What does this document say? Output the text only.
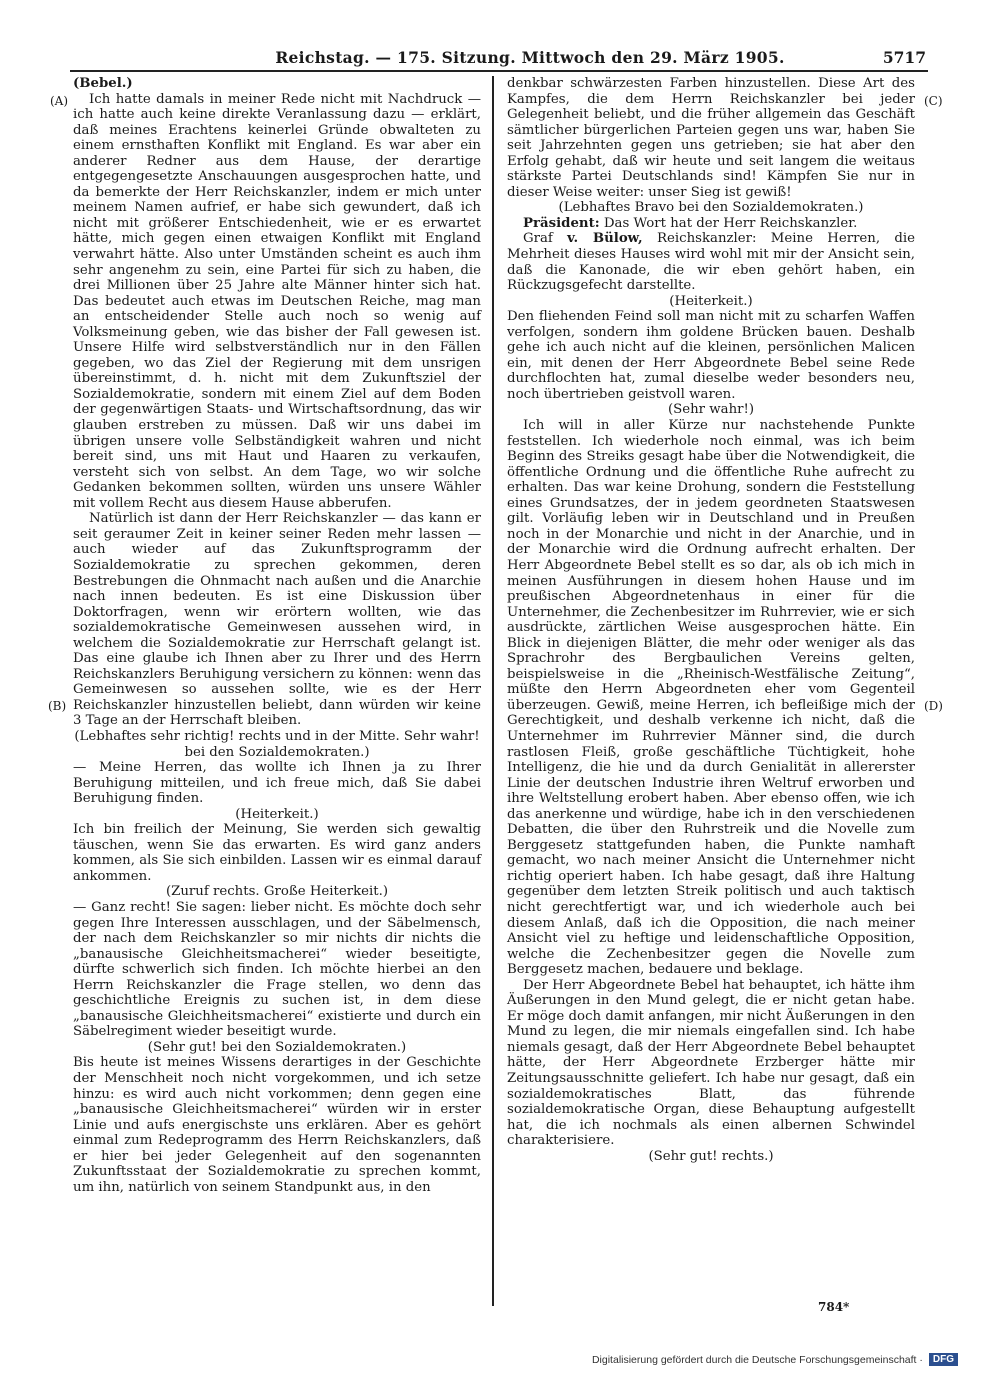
Reichstag. — 175. Sitzung. Mittwoch den 29. März 1905.	5717
(A)
(B)
(C)
(D)

(Bebel.)

Ich hatte damals in meiner Rede nicht mit Nachdruck — ich hatte auch keine direkte Veranlassung dazu — erklärt, daß meines Erachtens keinerlei Gründe obwalteten zu einem ernsthaften Konflikt mit England. Es war aber ein anderer Redner aus dem Hause, der derartige entgegengesetzte Anschauungen ausgesprochen hatte, und da bemerkte der Herr Reichskanzler, indem er mich unter meinem Namen aufrief, er habe sich gewundert, daß ich nicht mit größerer Entschiedenheit, wie er es erwartet hätte, mich gegen einen etwaigen Konflikt mit England verwahrt hätte. Also unter Umständen scheint es auch ihm sehr angenehm zu sein, eine Partei für sich zu haben, die drei Millionen über 25 Jahre alte Männer hinter sich hat. Das bedeutet auch etwas im Deutschen Reiche, mag man an entscheidender Stelle auch noch so wenig auf Volksmeinung geben, wie das bisher der Fall gewesen ist. Unsere Hilfe wird selbstverständlich nur in den Fällen gegeben, wo das Ziel der Regierung mit dem unsrigen übereinstimmt, d. h. nicht mit dem Zukunftsziel der Sozialdemokratie, sondern mit einem Ziel auf dem Boden der gegenwärtigen Staats- und Wirtschaftsordnung, das wir glauben erstreben zu müssen. Daß wir uns dabei im übrigen unsere volle Selbständigkeit wahren und nicht bereit sind, uns mit Haut und Haaren zu verkaufen, versteht sich von selbst. An dem Tage, wo wir solche Gedanken bekommen sollten, würden uns unsere Wähler mit vollem Recht aus diesem Hause abberufen.

Natürlich ist dann der Herr Reichskanzler — das kann er seit geraumer Zeit in keiner seiner Reden mehr lassen — auch wieder auf das Zukunftsprogramm der Sozialdemokratie zu sprechen gekommen, deren Bestrebungen die Ohnmacht nach außen und die Anarchie nach innen bedeuten. Es ist eine Diskussion über Doktorfragen, wenn wir erörtern wollten, wie das sozialdemokratische Gemeinwesen aussehen wird, in welchem die Sozialdemokratie zur Herrschaft gelangt ist. Das eine glaube ich Ihnen aber zu Ihrer und des Herrn Reichskanzlers Beruhigung versichern zu können: wenn das Gemeinwesen so aussehen sollte, wie es der Herr Reichskanzler hinzustellen beliebt, dann würden wir keine 3 Tage an der Herrschaft bleiben.

(Lebhaftes sehr richtig! rechts und in der Mitte. Sehr wahr! bei den Sozialdemokraten.)

— Meine Herren, das wollte ich Ihnen ja zu Ihrer Beruhigung mitteilen, und ich freue mich, daß Sie dabei Beruhigung finden.

(Heiterkeit.)

Ich bin freilich der Meinung, Sie werden sich gewaltig täuschen, wenn Sie das erwarten. Es wird ganz anders kommen, als Sie sich einbilden. Lassen wir es einmal darauf ankommen.

(Zuruf rechts. Große Heiterkeit.)

— Ganz recht! Sie sagen: lieber nicht. Es möchte doch sehr gegen Ihre Interessen ausschlagen, und der Säbelmensch, der nach dem Reichskanzler so mir nichts dir nichts die „banausische Gleichheitsmacherei“ wieder beseitigte, dürfte schwerlich sich finden. Ich möchte hierbei an den Herrn Reichskanzler die Frage stellen, wo denn das geschichtliche Ereignis zu suchen ist, in dem diese „banausische Gleichheitsmacherei“ existierte und durch ein Säbelregiment wieder beseitigt wurde.

(Sehr gut! bei den Sozialdemokraten.)

Bis heute ist meines Wissens derartiges in der Geschichte der Menschheit noch nicht vorgekommen, und ich setze hinzu: es wird auch nicht vorkommen; denn gegen eine „banausische Gleichheitsmacherei“ würden wir in erster Linie und aufs energischste uns erklären. Aber es gehört einmal zum Redeprogramm des Herrn Reichskanzlers, daß er hier bei jeder Gelegenheit auf den sogenannten Zukunftsstaat der Sozialdemokratie zu sprechen kommt, um ihn, natürlich von seinem Standpunkt aus, in den

denkbar schwärzesten Farben hinzustellen. Diese Art des Kampfes, die dem Herrn Reichskanzler bei jeder Gelegenheit beliebt, und die früher allgemein das Geschäft sämtlicher bürgerlichen Parteien gegen uns war, haben Sie seit Jahrzehnten gegen uns getrieben; sie hat aber den Erfolg gehabt, daß wir heute und seit langem die weitaus stärkste Partei Deutschlands sind! Kämpfen Sie nur in dieser Weise weiter: unser Sieg ist gewiß!

(Lebhaftes Bravo bei den Sozialdemokraten.)

Präsident: Das Wort hat der Herr Reichskanzler.

Graf v. Bülow, Reichskanzler: Meine Herren, die Mehrheit dieses Hauses wird wohl mit mir der Ansicht sein, daß die Kanonade, die wir eben gehört haben, ein Rückzugsgefecht darstellte.

(Heiterkeit.)

Den fliehenden Feind soll man nicht mit zu scharfen Waffen verfolgen, sondern ihm goldene Brücken bauen. Deshalb gehe ich auch nicht auf die kleinen, persönlichen Malicen ein, mit denen der Herr Abgeordnete Bebel seine Rede durchflochten hat, zumal dieselbe weder besonders neu, noch übertrieben geistvoll waren.

(Sehr wahr!)

Ich will in aller Kürze nur nachstehende Punkte feststellen. Ich wiederhole noch einmal, was ich beim Beginn des Streiks gesagt habe über die Notwendigkeit, die öffentliche Ordnung und die öffentliche Ruhe aufrecht zu erhalten. Das war keine Drohung, sondern die Feststellung eines Grundsatzes, der in jedem geordneten Staatswesen gilt. Vorläufig leben wir in Deutschland und in Preußen noch in der Monarchie und nicht in der Anarchie, und in der Monarchie wird die Ordnung aufrecht erhalten. Der Herr Abgeordnete Bebel stellt es so dar, als ob ich mich in meinen Ausführungen in diesem hohen Hause und im preußischen Abgeordnetenhaus in einer für die Unternehmer, die Zechenbesitzer im Ruhrrevier, wie er sich ausdrückte, zärtlichen Weise ausgesprochen hätte. Ein Blick in diejenigen Blätter, die mehr oder weniger als das Sprachrohr des Bergbaulichen Vereins gelten, beispielsweise in die „Rheinisch-Westfälische Zeitung“, müßte den Herrn Abgeordneten eher vom Gegenteil überzeugen. Gewiß, meine Herren, ich befleißige mich der Gerechtigkeit, und deshalb verkenne ich nicht, daß die Unternehmer im Ruhrrevier Männer sind, die durch rastlosen Fleiß, große geschäftliche Tüchtigkeit, hohe Intelligenz, die hie und da durch Genialität in allererster Linie der deutschen Industrie ihren Weltruf erworben und ihre Weltstellung erobert haben. Aber ebenso offen, wie ich das anerkenne und würdige, habe ich in den verschiedenen Debatten, die über den Ruhrstreik und die Novelle zum Berggesetz stattgefunden haben, die Punkte namhaft gemacht, wo nach meiner Ansicht die Unternehmer nicht richtig operiert haben. Ich habe gesagt, daß ihre Haltung gegenüber dem letzten Streik politisch und auch taktisch nicht gerechtfertigt war, und ich wiederhole auch bei diesem Anlaß, daß ich die Opposition, die nach meiner Ansicht viel zu heftige und leidenschaftliche Opposition, welche die Zechenbesitzer gegen die Novelle zum Berggesetz machen, bedauere und beklage.

Der Herr Abgeordnete Bebel hat behauptet, ich hätte ihm Äußerungen in den Mund gelegt, die er nicht getan habe. Er möge doch damit anfangen, mir nicht Äußerungen in den Mund zu legen, die mir niemals eingefallen sind. Ich habe niemals gesagt, daß der Herr Abgeordnete Bebel behauptet hätte, der Herr Abgeordnete Erzberger hätte mir Zeitungsausschnitte geliefert. Ich habe nur gesagt, daß ein sozialdemokratisches Blatt, das führende sozialdemokratische Organ, diese Behauptung aufgestellt hat, die ich nochmals als einen albernen Schwindel charakterisiere.

(Sehr gut! rechts.)

784*
Digitalisierung gefördert durch die Deutsche Forschungsgemeinschaft ·	DFG
